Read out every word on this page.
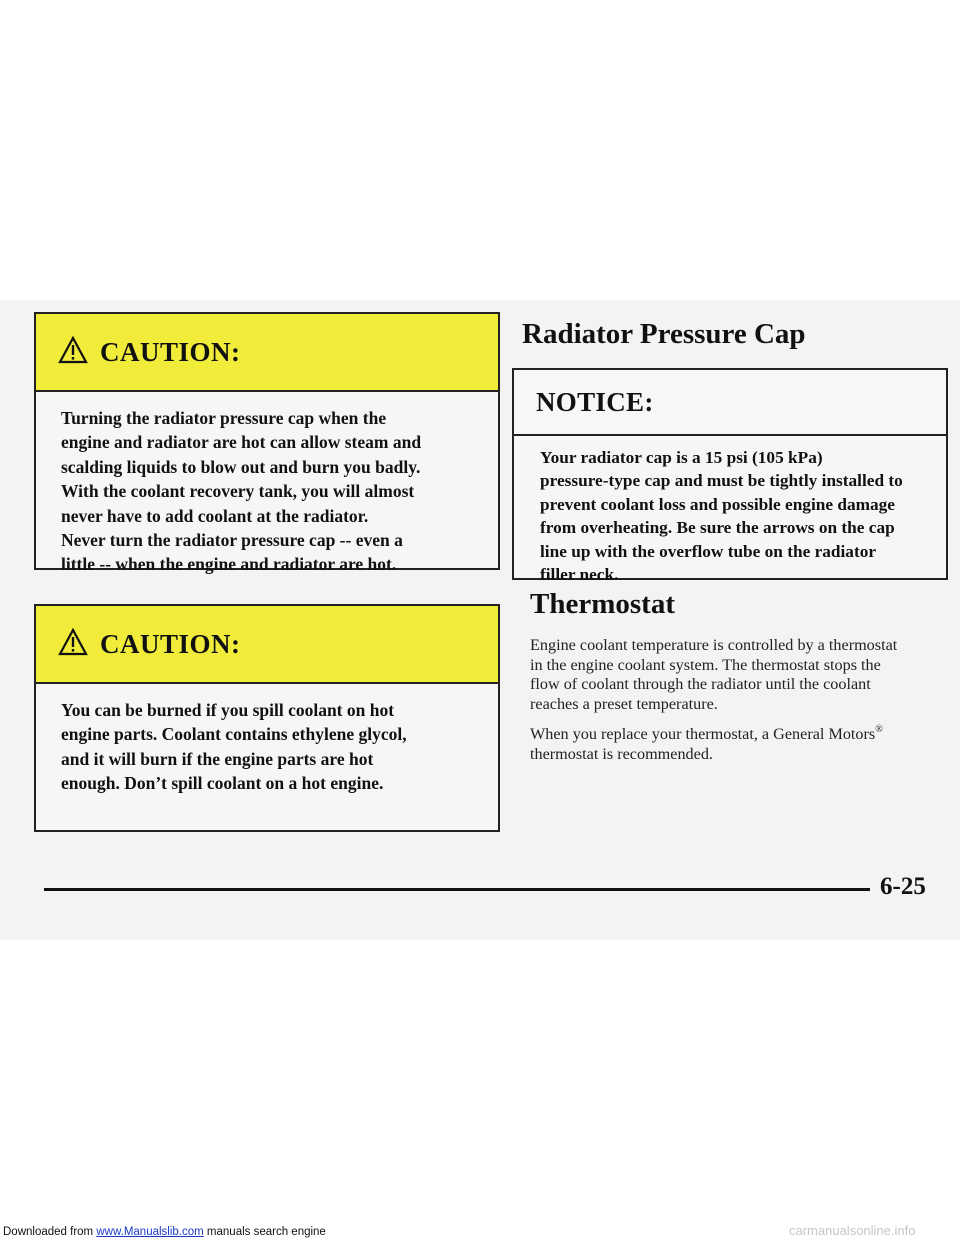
CAUTION:

Turning the radiator pressure cap when the

engine and radiator are hot can allow steam and

scalding liquids to blow out and burn you badly.

With the coolant recovery tank, you will almost

never have to add coolant at the radiator.

Never turn the radiator pressure cap -- even a

little -- when the engine and radiator are hot.

CAUTION:

You can be burned if you spill coolant on hot

engine parts. Coolant contains ethylene glycol,

and it will burn if the engine parts are hot

enough. Don’t spill coolant on a hot engine.

Radiator Pressure Cap
NOTICE:
Your radiator cap is a 15 psi (105 kPa)
pressure-type cap and must be tightly installed to
prevent coolant loss and possible engine damage
from overheating. Be sure the arrows on the cap
line up with the overflow tube on the radiator
filler neck.
Thermostat
Engine coolant temperature is controlled by a thermostat
in the engine coolant system. The thermostat stops the
flow of coolant through the radiator until the coolant
reaches a preset temperature.
When you replace your thermostat, a General Motors®
thermostat is recommended.
6-25
Downloaded from www.Manualslib.com manuals search engine	carmanualsonline.info
